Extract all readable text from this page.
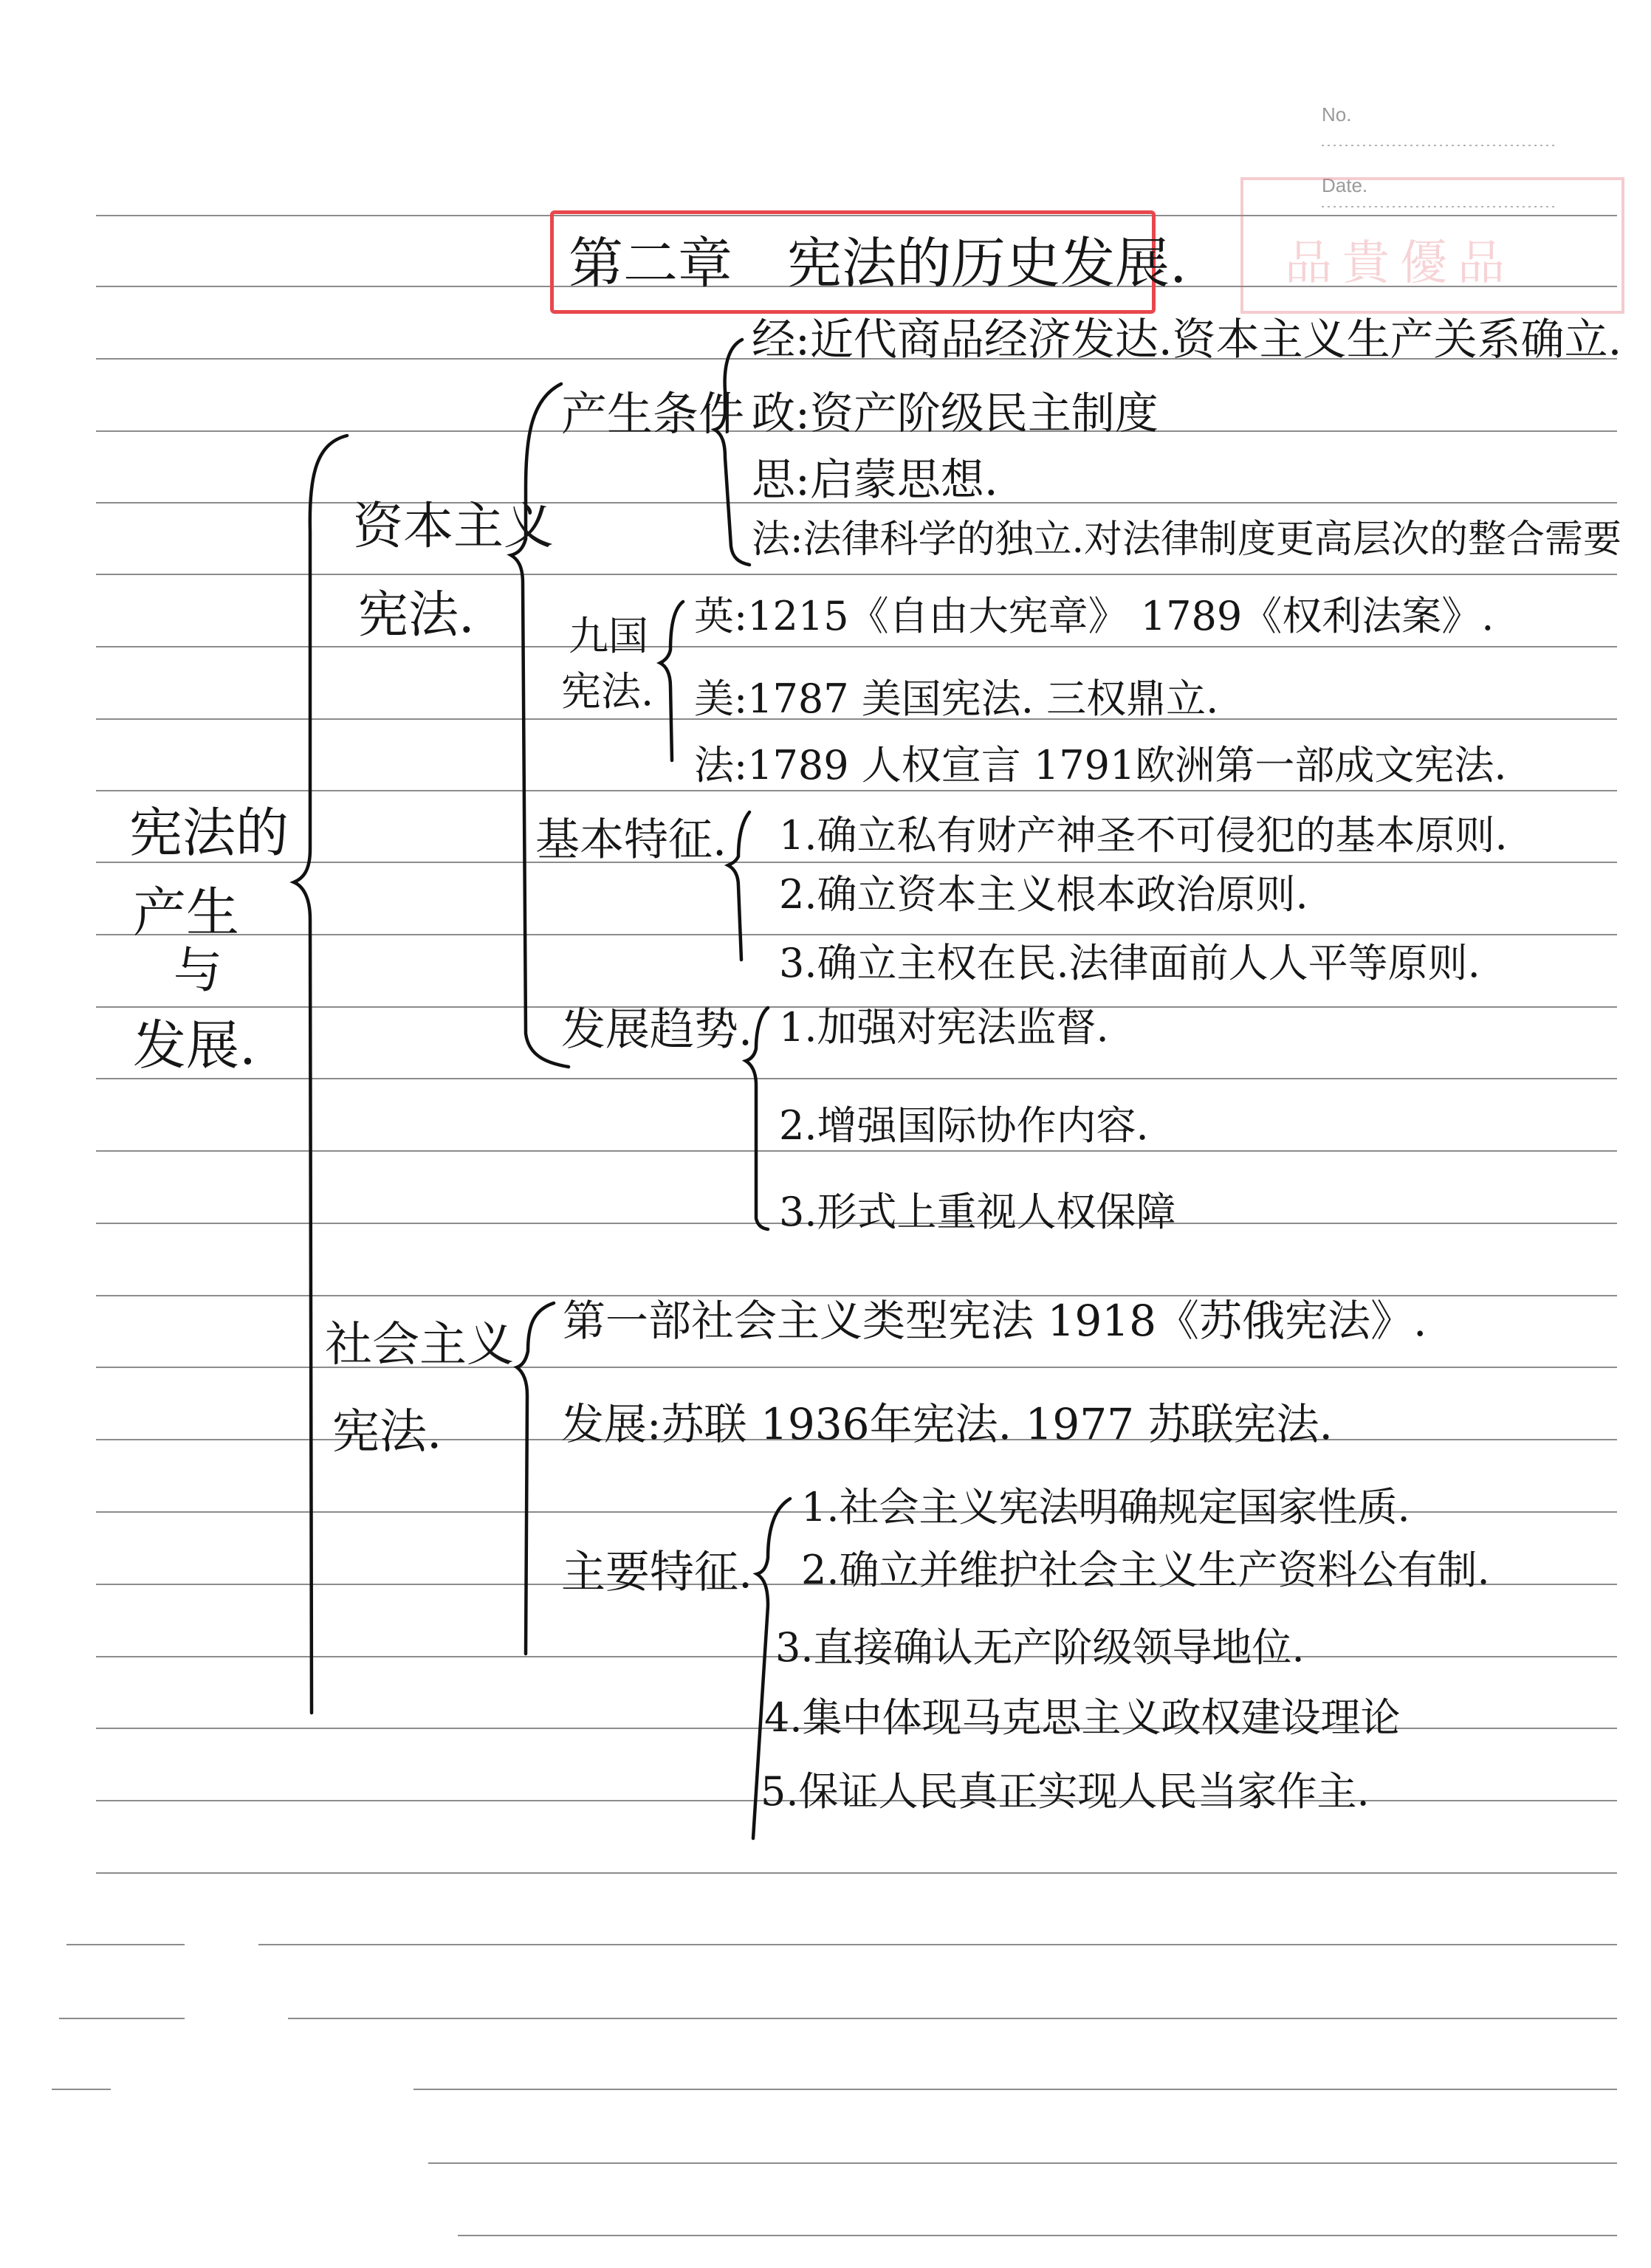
No.
Date.
品貴優品
第二章　宪法的历史发展.
宪法的
产生
与
发展.
资本主义
宪法.
产生条件
经:近代商品经济发达.资本主义生产关系确立.
政:资产阶级民主制度
思:启蒙思想.
法:法律科学的独立.对法律制度更高层次的整合需要
九国
宪法.
英:1215《自由大宪章》 1789《权利法案》.
美:1787 美国宪法. 三权鼎立.
法:1789 人权宣言 1791欧洲第一部成文宪法.
基本特征. 1.确立私有财产神圣不可侵犯的基本原则.
2.确立资本主义根本政治原则.
3.确立主权在民.法律面前人人平等原则.
发展趋势. 1.加强对宪法监督.
2.增强国际协作内容.
3.形式上重视人权保障
社会主义
宪法.
第一部社会主义类型宪法 1918《苏俄宪法》.
发展:苏联 1936年宪法. 1977 苏联宪法.
主要特征.
1.社会主义宪法明确规定国家性质.
2.确立并维护社会主义生产资料公有制.
3.直接确认无产阶级领导地位.
4.集中体现马克思主义政权建设理论
5.保证人民真正实现人民当家作主.
